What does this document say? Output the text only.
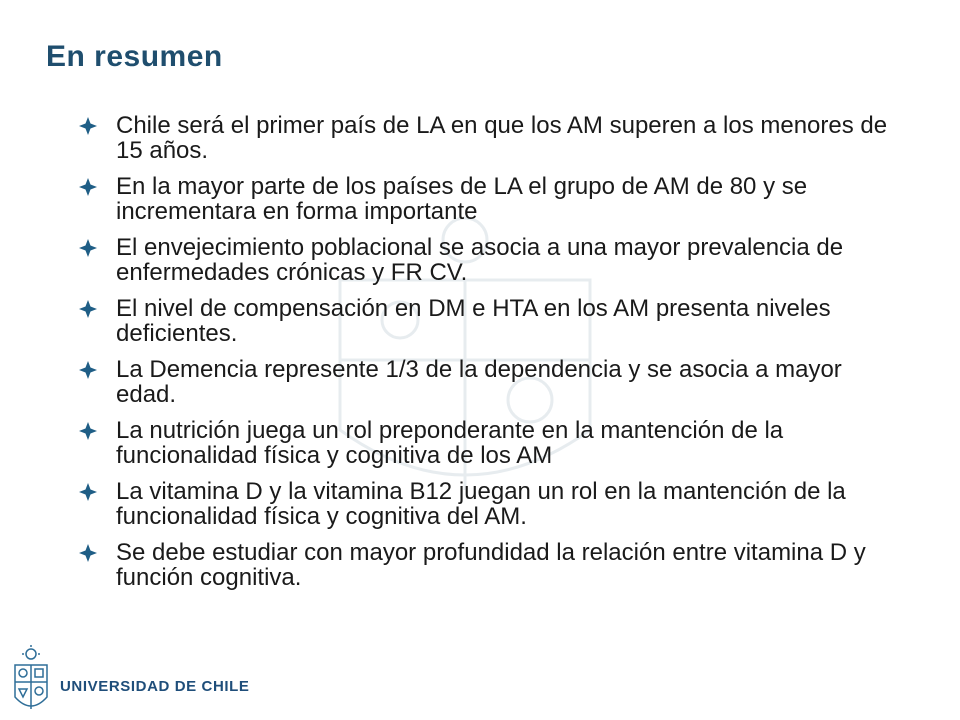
En resumen
Chile será el primer país de LA en que los AM superen a los menores de 15 años.
En la mayor parte de los países de LA el grupo de AM de 80 y se incrementara en forma importante
El envejecimiento poblacional se asocia a una mayor prevalencia de enfermedades crónicas y FR CV.
El nivel de compensación en DM e HTA en los AM presenta niveles deficientes.
La Demencia represente 1/3 de la dependencia y se asocia a mayor edad.
La nutrición juega un rol preponderante en la mantención de la funcionalidad física y cognitiva de los AM
La vitamina D y la vitamina B12 juegan un rol en la mantención de la funcionalidad física y cognitiva del AM.
Se debe estudiar con mayor profundidad la relación entre vitamina D y función cognitiva.
UNIVERSIDAD DE CHILE
